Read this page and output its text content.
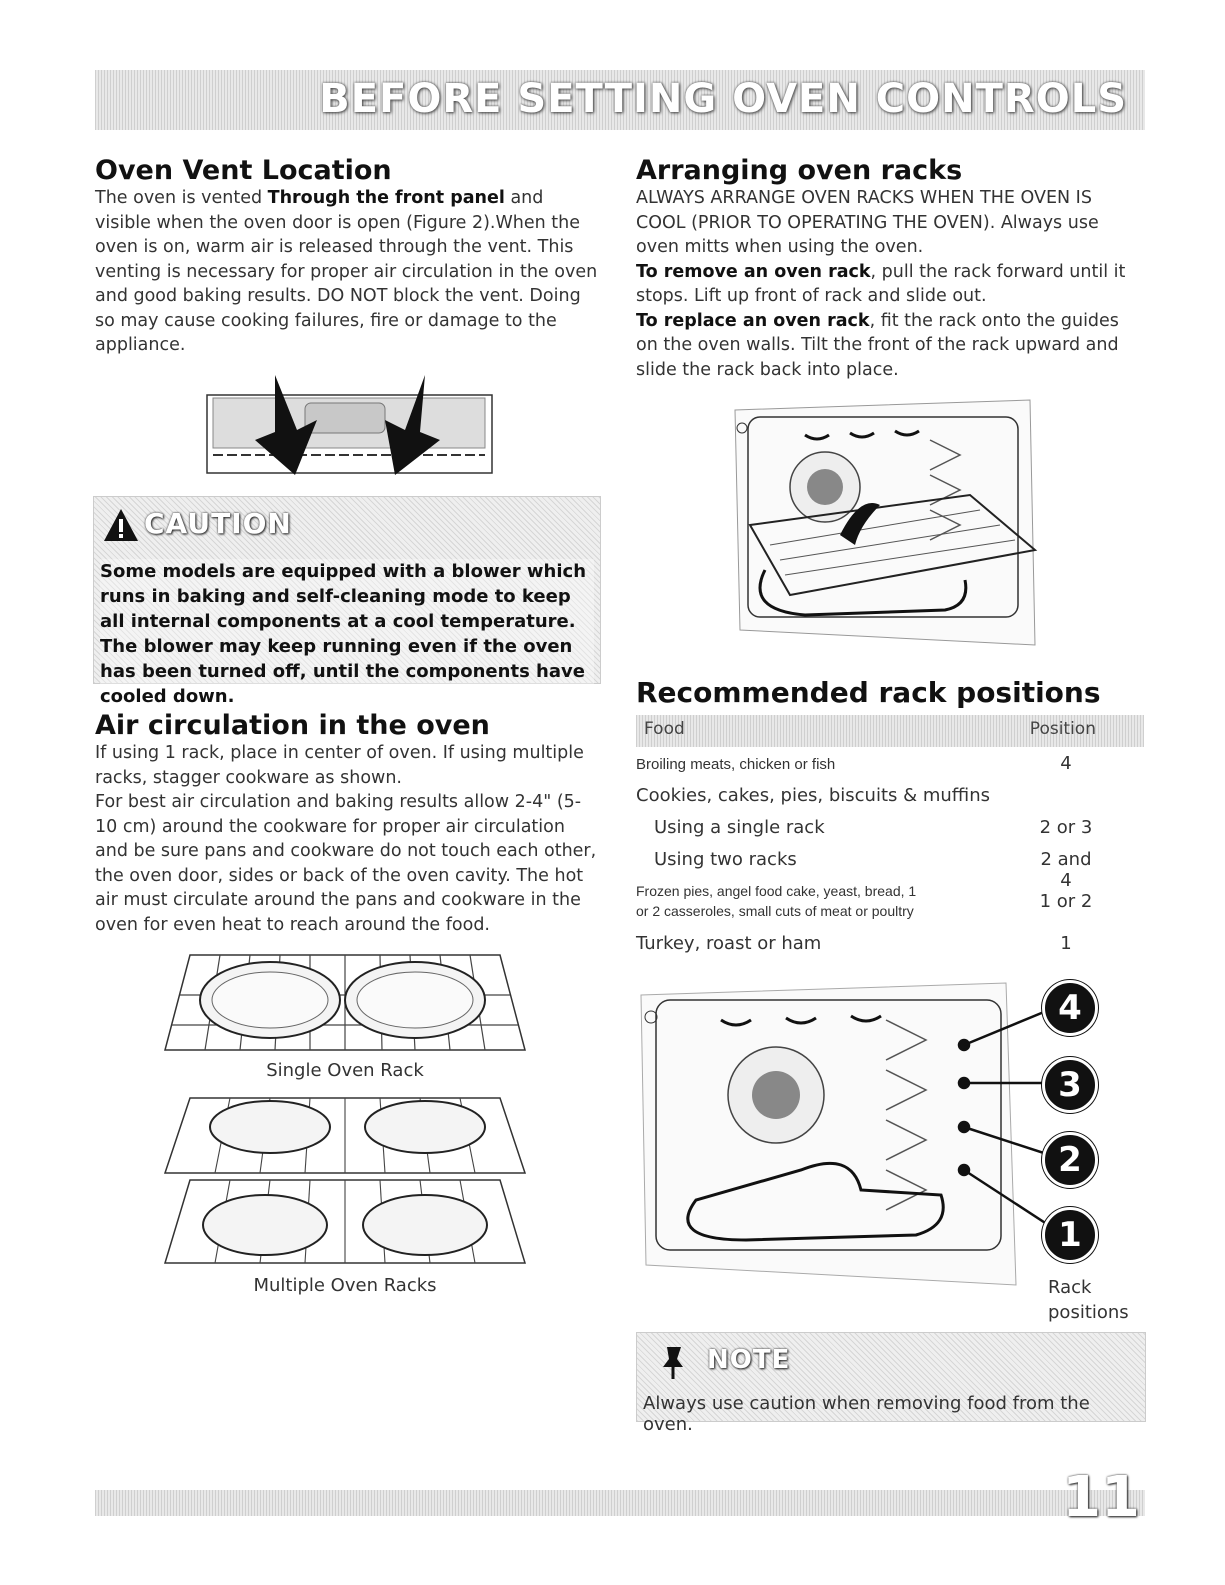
BEFORE SETTING OVEN CONTROLS
Oven Vent Location

The oven is vented Through the front panel and visible when the oven door is open (Figure 2).When the oven is on, warm air is released through the vent. This venting is necessary for proper air circulation in the oven and good baking results. DO NOT block the vent. Doing so may cause cooking failures, fire or damage to the appliance.

CAUTION
Some models are equipped with a blower which runs in baking and self-cleaning mode to keep all internal components at a cool temperature. The blower may keep running even if the oven has been turned off, until the components have cooled down.
Air circulation in the oven

If using 1 rack, place in center of oven. If using multiple racks, stagger cookware as shown.

For best air circulation and baking results allow 2-4" (5-10 cm) around the cookware for proper air circulation and be sure pans and cookware do not touch each other, the oven door, sides or back of the oven cavity. The hot air must circulate around the pans and cookware in the oven for even heat to reach around the food.

Single Oven Rack
Multiple Oven Racks
Arranging oven racks

ALWAYS ARRANGE OVEN RACKS WHEN THE OVEN IS COOL (PRIOR TO OPERATING THE OVEN). Always use oven mitts when using the oven.

To remove an oven rack, pull the rack forward until it stops. Lift up front of rack and slide out.

To replace an oven rack, fit the rack onto the guides on the oven walls. Tilt the front of the rack upward and slide the rack back into place.

Recommended rack positions
Food	Position
Broiling meats, chicken or fish	4
Cookies, cakes, pies, biscuits & muffins
Using a single rack	2 or 3
Using two racks	2 and 4
Frozen pies, angel food cake, yeast, bread, 1
or 2 casseroles, small cuts of meat or poultry	1 or 2
Turkey, roast or ham	1
4
3
2
1
Rack
positions
NOTE
Always use caution when removing food from the oven.
11
